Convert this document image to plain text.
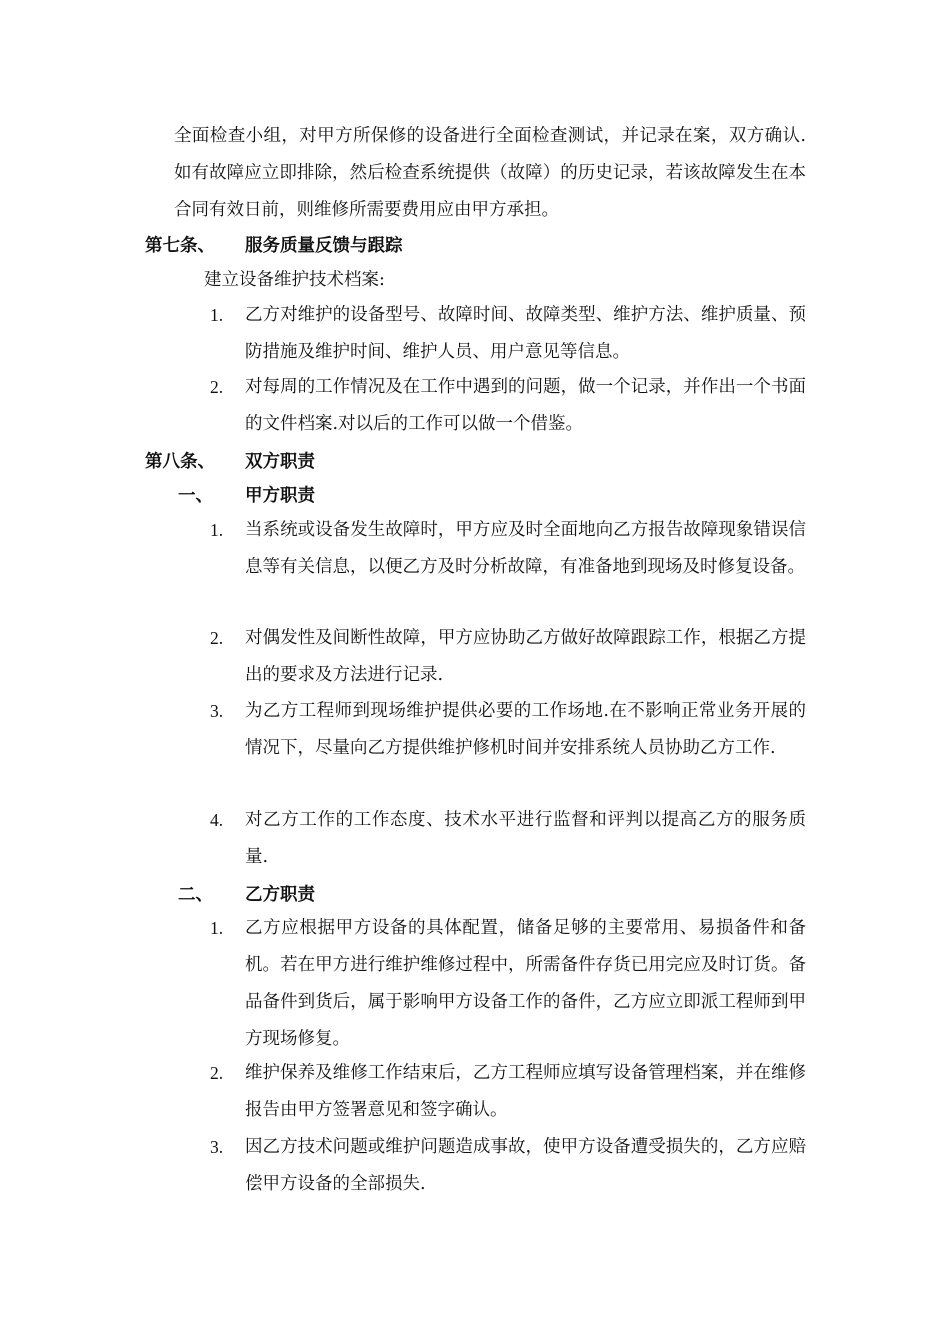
全面检查小组，对甲方所保修的设备进行全面检查测试，并记录在案，双方确认.如有故障应立即排除，然后检查系统提供（故障）的历史记录，若该故障发生在本合同有效日前，则维修所需要费用应由甲方承担。

第七条、 服务质量反馈与跟踪
建立设备维护技术档案:
1. 乙方对维护的设备型号、故障时间、故障类型、维护方法、维护质量、预防措施及维护时间、维护人员、用户意见等信息。
2. 对每周的工作情况及在工作中遇到的问题，做一个记录，并作出一个书面的文件档案.对以后的工作可以做一个借鉴。
第八条、 双方职责
一、 甲方职责
1. 当系统或设备发生故障时，甲方应及时全面地向乙方报告故障现象错误信息等有关信息，以便乙方及时分析故障，有准备地到现场及时修复设备。
2. 对偶发性及间断性故障，甲方应协助乙方做好故障跟踪工作，根据乙方提出的要求及方法进行记录.
3. 为乙方工程师到现场维护提供必要的工作场地.在不影响正常业务开展的情况下，尽量向乙方提供维护修机时间并安排系统人员协助乙方工作.
4. 对乙方工作的工作态度、技术水平进行监督和评判以提高乙方的服务质量.
二、 乙方职责
1. 乙方应根据甲方设备的具体配置，储备足够的主要常用、易损备件和备机。若在甲方进行维护维修过程中，所需备件存货已用完应及时订货。备品备件到货后，属于影响甲方设备工作的备件，乙方应立即派工程师到甲方现场修复。
2. 维护保养及维修工作结束后，乙方工程师应填写设备管理档案，并在维修报告由甲方签署意见和签字确认。
3. 因乙方技术问题或维护问题造成事故，使甲方设备遭受损失的，乙方应赔偿甲方设备的全部损失.
